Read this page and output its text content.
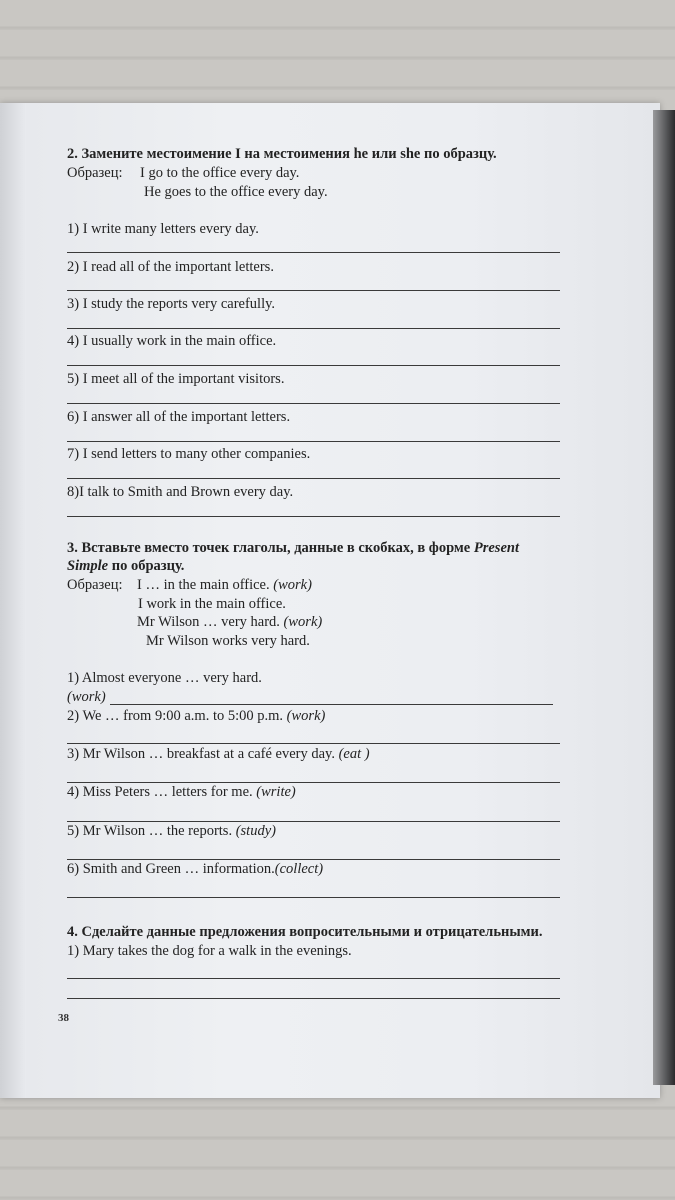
2. Замените местоимение I на местоимения he или she по образцу.
Образец: I go to the office every day.
He goes to the office every day.
1) I write many letters every day.
2) I read all of the important letters.
3) I study the reports very carefully.
4) I usually work in the main office.
5) I meet all of the important visitors.
6) I answer all of the important letters.
7) I send letters to many other companies.
8)I talk to Smith and Brown every day.
3. Вставьте вместо точек глаголы, данные в скобках, в форме Present
Simple по образцу.
Образец: I … in the main office. (work)
I work in the main office.
Mr Wilson … very hard. (work)
Mr Wilson works very hard.
1) Almost everyone … very hard.
(work)
2) We … from 9:00 a.m. to 5:00 p.m. (work)
3) Mr Wilson … breakfast at a café every day. (eat )
4) Miss Peters … letters for me. (write)
5) Mr Wilson … the reports. (study)
6) Smith and Green … information.(collect)
4. Сделайте данные предложения вопросительными и отрицательными.
1) Mary takes the dog for a walk in the evenings.
38
